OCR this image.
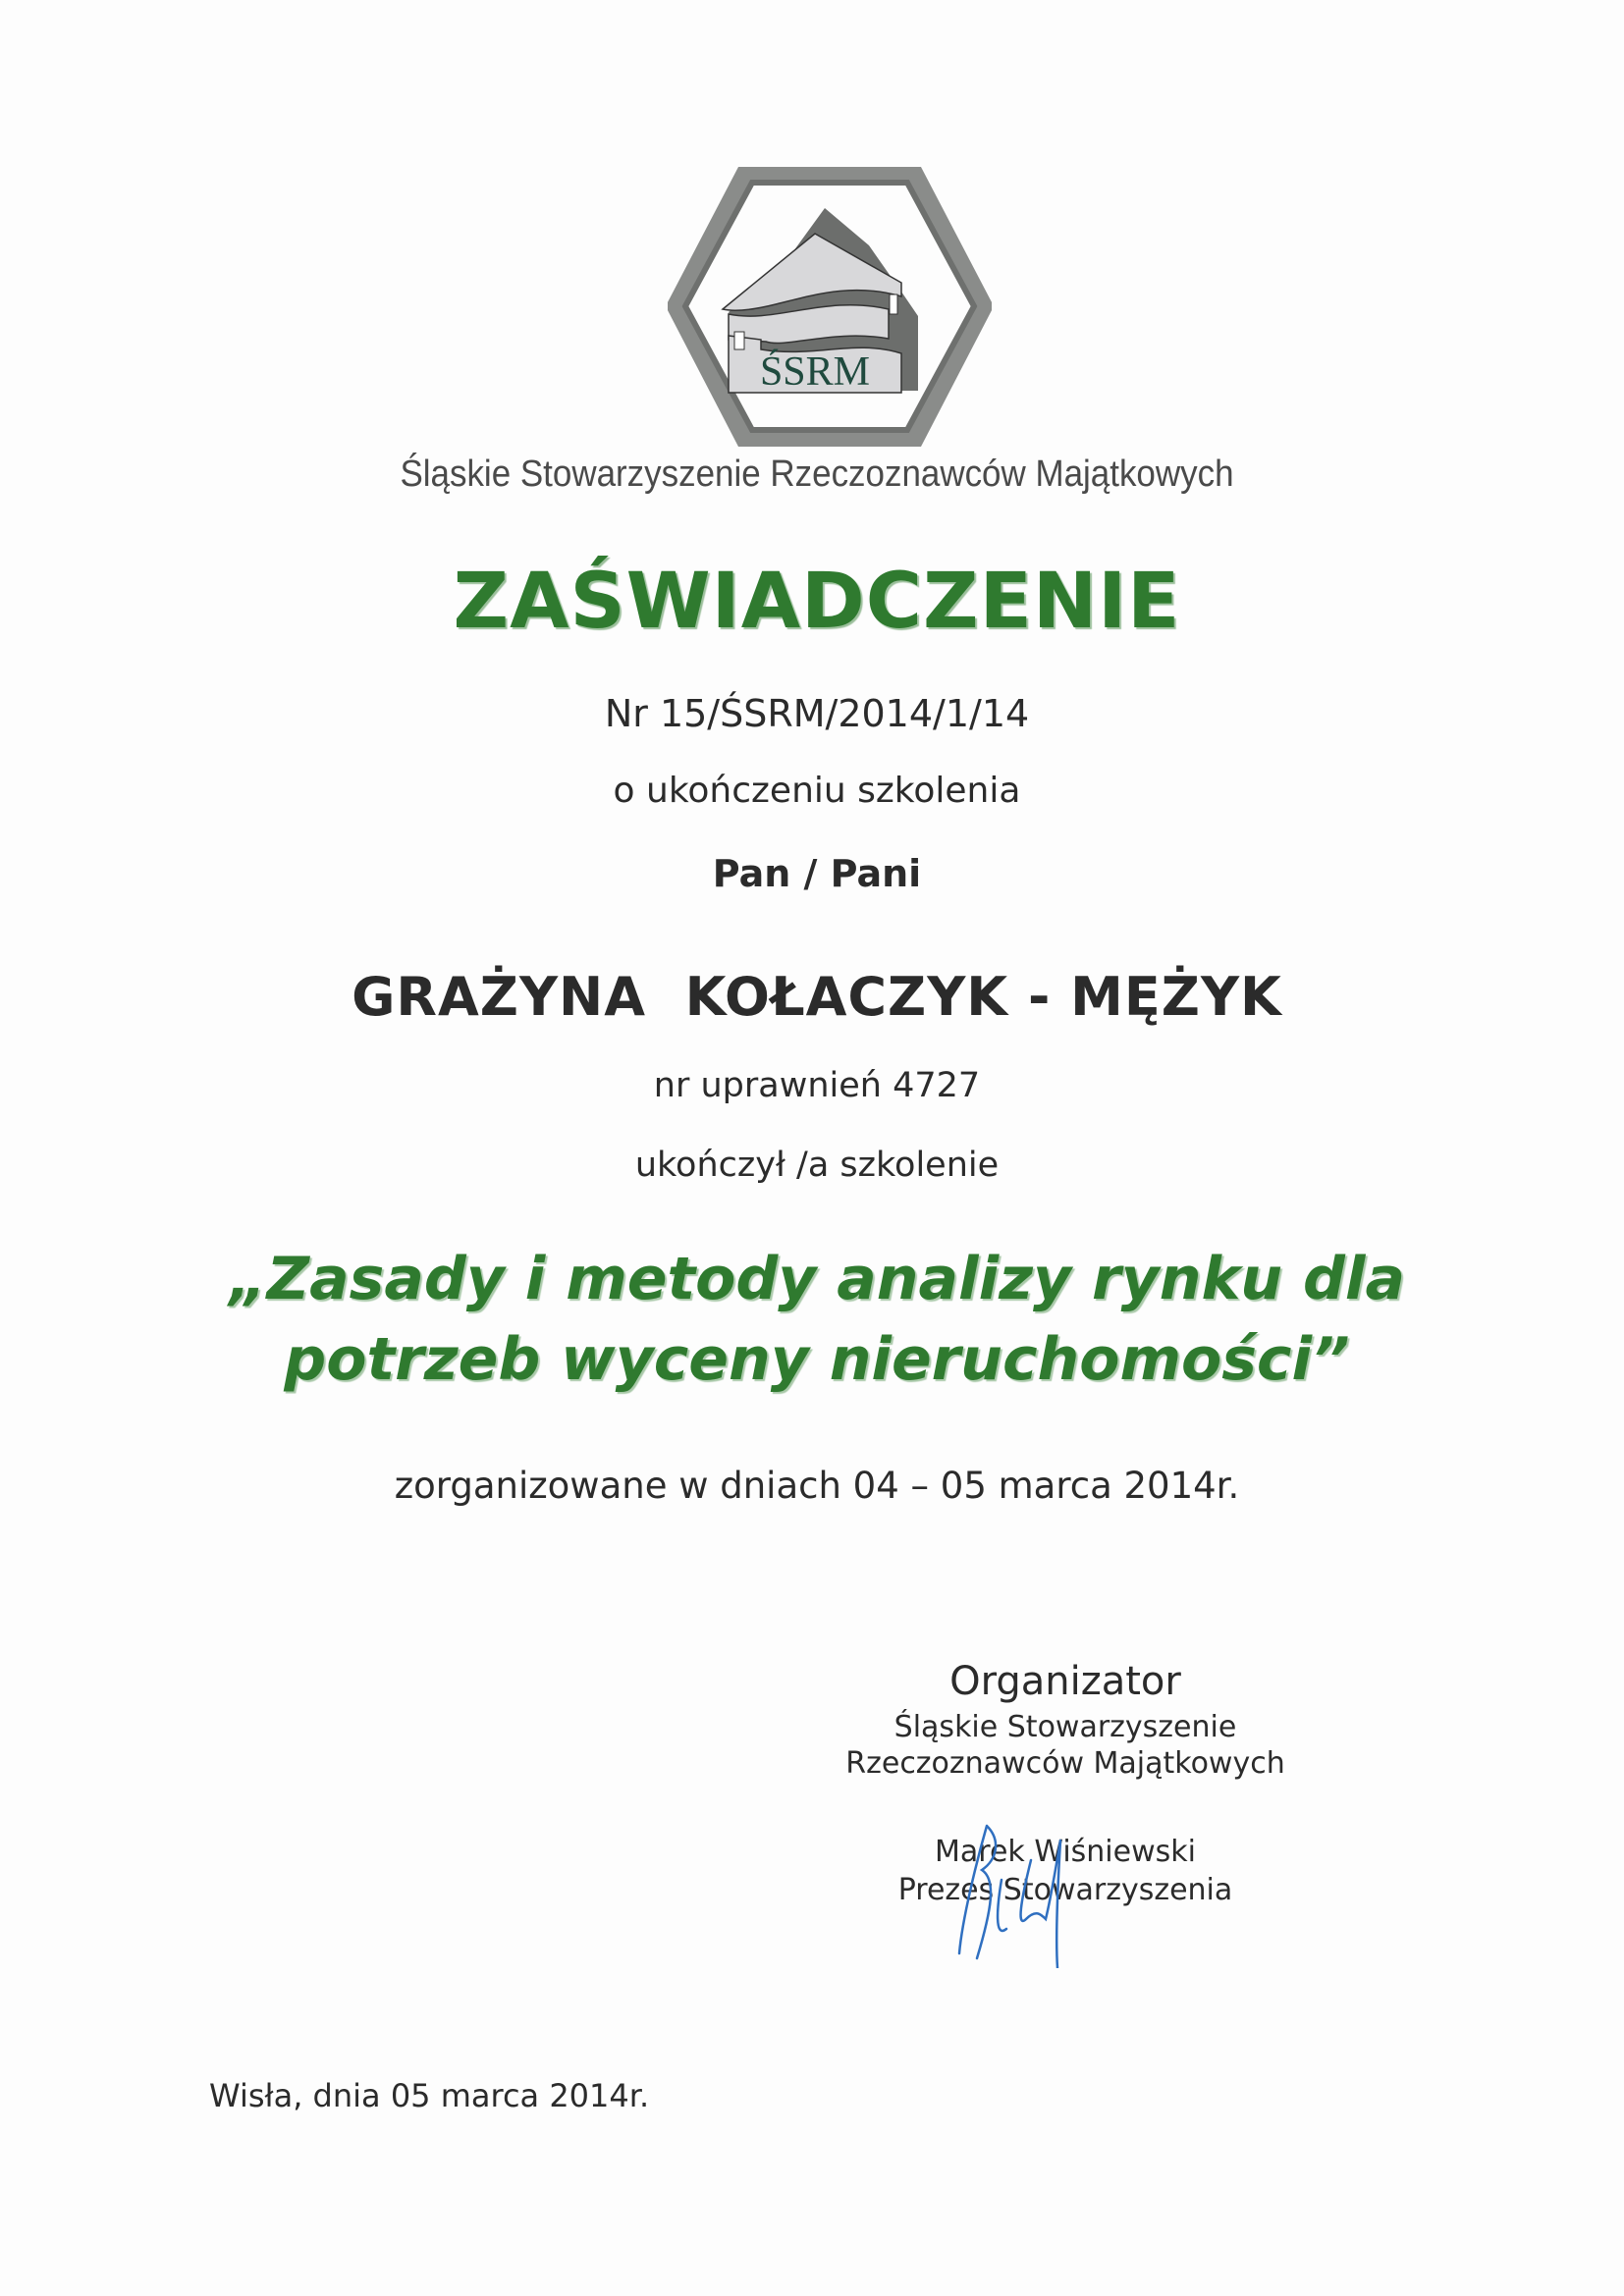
ŚSRM
Śląskie Stowarzyszenie Rzeczoznawców Majątkowych
ZAŚWIADCZENIE
Nr 15/ŚSRM/2014/1/14
o ukończeniu szkolenia
Pan / Pani
GRAŻYNA  KOŁACZYK - MĘŻYK
nr uprawnień 4727
ukończył /a szkolenie
„Zasady i metody analizy rynku dla
potrzeb wyceny nieruchomości”
zorganizowane w dniach 04 – 05 marca 2014r.
Organizator
Śląskie Stowarzyszenie
Rzeczoznawców Majątkowych
Marek Wiśniewski
Prezes Stowarzyszenia
Wisła, dnia 05 marca 2014r.
